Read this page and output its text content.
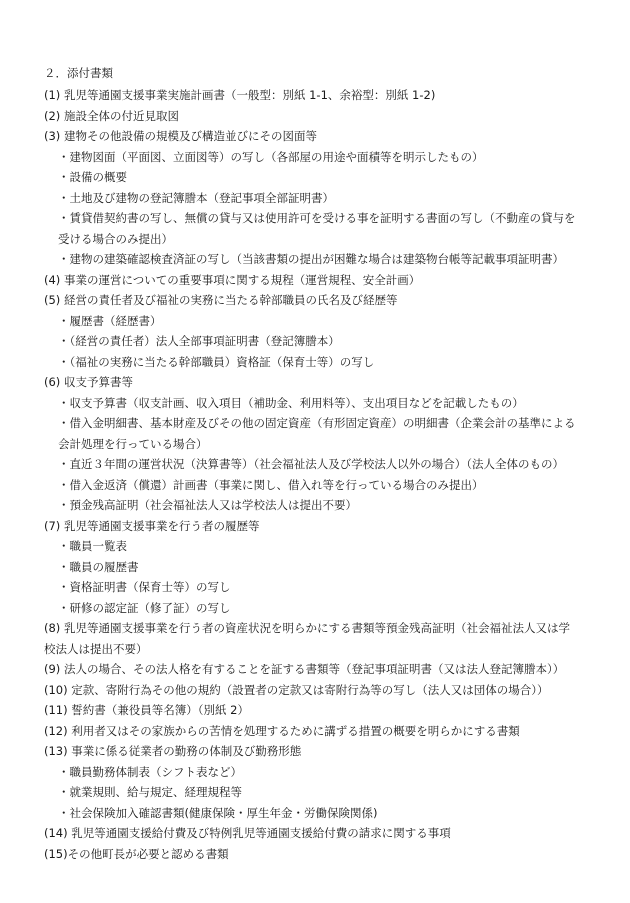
２．添付書類
(1) 乳児等通園支援事業実施計画書（一般型：別紙 1-1、余裕型：別紙 1-2)
(2) 施設全体の付近見取図
(3) 建物その他設備の規模及び構造並びにその図面等
・建物図面（平面図、立面図等）の写し（各部屋の用途や面積等を明示したもの）
・設備の概要
・土地及び建物の登記簿謄本（登記事項全部証明書）
・賃貸借契約書の写し、無償の貸与又は使用許可を受ける事を証明する書面の写し（不動産の貸与を
受ける場合のみ提出）
・建物の建築確認検査済証の写し（当該書類の提出が困難な場合は建築物台帳等記載事項証明書）
(4) 事業の運営についての重要事項に関する規程（運営規程、安全計画）
(5) 経営の責任者及び福祉の実務に当たる幹部職員の氏名及び経歴等
・履歴書（経歴書）
・（経営の責任者）法人全部事項証明書（登記簿謄本）
・（福祉の実務に当たる幹部職員）資格証（保育士等）の写し
(6) 収支予算書等
・収支予算書（収支計画、収入項目（補助金、利用料等）、支出項目などを記載したもの）
・借入金明細書、基本財産及びその他の固定資産（有形固定資産）の明細書（企業会計の基準による
会計処理を行っている場合）
・直近３年間の運営状況（決算書等）（社会福祉法人及び学校法人以外の場合）（法人全体のもの）
・借入金返済（償還）計画書（事業に関し、借入れ等を行っている場合のみ提出）
・預金残高証明（社会福祉法人又は学校法人は提出不要）
(7) 乳児等通園支援事業を行う者の履歴等
・職員一覧表
・職員の履歴書
・資格証明書（保育士等）の写し
・研修の認定証（修了証）の写し
(8) 乳児等通園支援事業を行う者の資産状況を明らかにする書類等預金残高証明（社会福祉法人又は学
校法人は提出不要）
(9) 法人の場合、その法人格を有することを証する書類等（登記事項証明書（又は法人登記簿謄本））
(10) 定款、寄附行為その他の規約（設置者の定款又は寄附行為等の写し（法人又は団体の場合））
(11) 誓約書（兼役員等名簿）（別紙 2）
(12) 利用者又はその家族からの苦情を処理するために講ずる措置の概要を明らかにする書類
(13) 事業に係る従業者の勤務の体制及び勤務形態
・職員勤務体制表（シフト表など）
・就業規則、給与規定、経理規程等
・社会保険加入確認書類(健康保険・厚生年金・労働保険関係)
(14) 乳児等通園支援給付費及び特例乳児等通園支援給付費の請求に関する事項
(15)その他町長が必要と認める書類
